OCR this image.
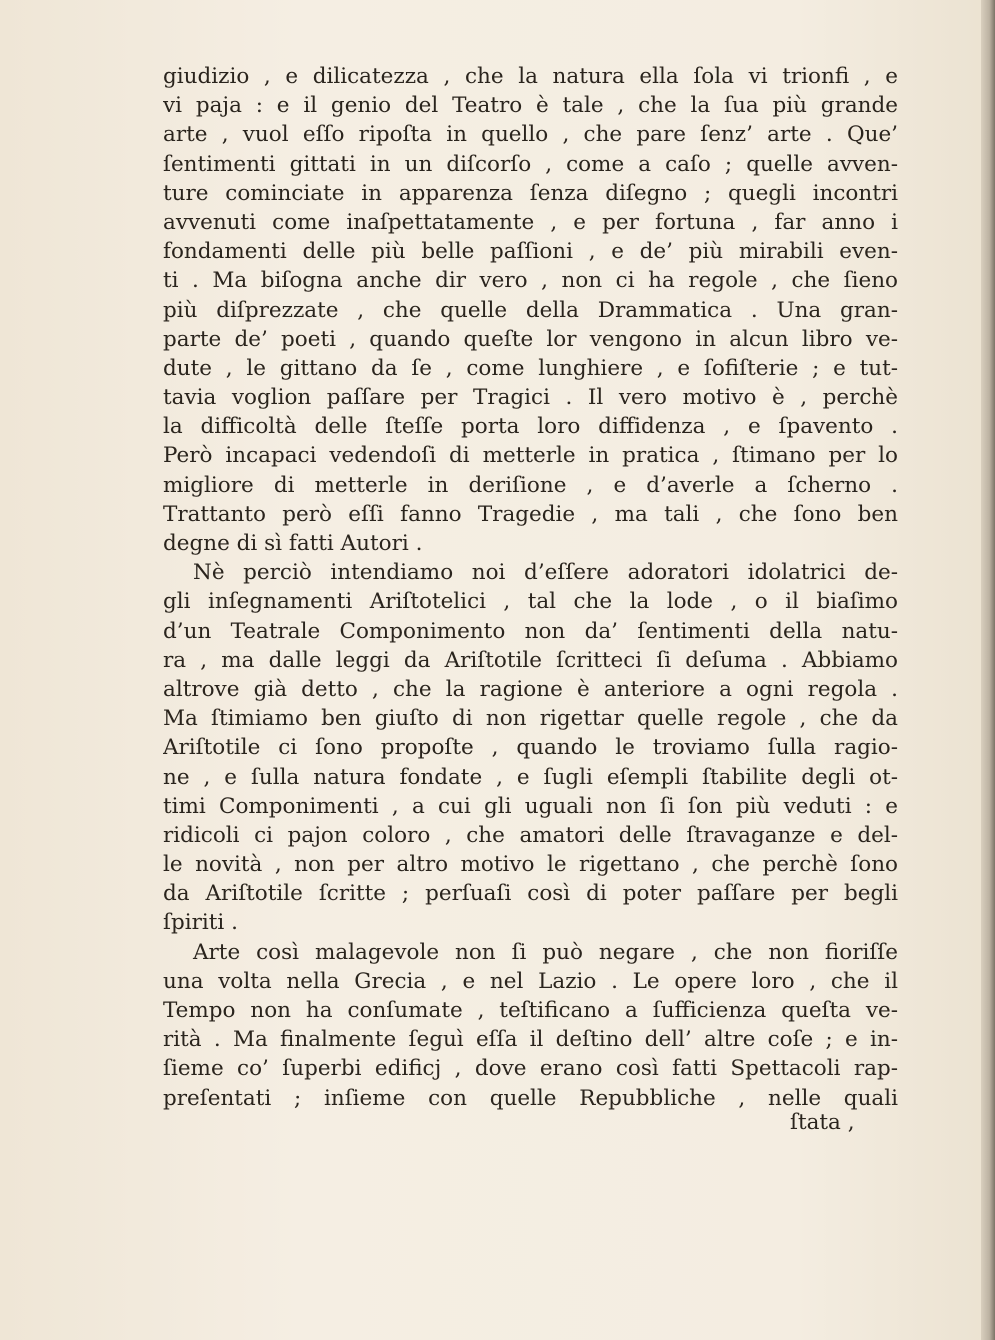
giudizio , e dilicatezza , che la natura ella ſola vi trionfi , e
vi paja : e il genio del Teatro è tale , che la ſua più grande
arte , vuol eſſo ripoſta in quello , che pare ſenz’ arte . Que’
ſentimenti gittati in un diſcorſo , come a caſo ; quelle avven-
ture cominciate in apparenza ſenza diſegno ; quegli incontri
avvenuti come inaſpettatamente , e per fortuna , far anno i
fondamenti delle più belle paſſioni , e de’ più mirabili even-
ti . Ma biſogna anche dir vero , non ci ha regole , che ſieno
più diſprezzate , che quelle della Drammatica . Una gran-
parte de’ poeti , quando queſte lor vengono in alcun libro ve-
dute , le gittano da ſe , come lunghiere , e ſofiſterie ; e tut-
tavia voglion paſſare per Tragici . Il vero motivo è , perchè
la difficoltà delle ſteſſe porta loro diffidenza , e ſpavento .
Però incapaci vedendoſi di metterle in pratica , ſtimano per lo
migliore di metterle in deriſione , e d’averle a ſcherno .
Trattanto però eſſi fanno Tragedie , ma tali , che ſono ben
degne di sì fatti Autori .
Nè perciò intendiamo noi d’eſſere adoratori idolatrici de-
gli inſegnamenti Ariſtotelici , tal che la lode , o il biaſimo
d’un Teatrale Componimento non da’ ſentimenti della natu-
ra , ma dalle leggi da Ariſtotile ſcritteci ſi deſuma . Abbiamo
altrove già detto , che la ragione è anteriore a ogni regola .
Ma ſtimiamo ben giuſto di non rigettar quelle regole , che da
Ariſtotile ci ſono propoſte , quando le troviamo ſulla ragio-
ne , e ſulla natura fondate , e ſugli eſempli ſtabilite degli ot-
timi Componimenti , a cui gli uguali non ſi ſon più veduti : e
ridicoli ci pajon coloro , che amatori delle ſtravaganze e del-
le novità , non per altro motivo le rigettano , che perchè ſono
da Ariſtotile ſcritte ; perſuaſi così di poter paſſare per begli
ſpiriti .
Arte così malagevole non ſi può negare , che non fioriſſe
una volta nella Grecia , e nel Lazio . Le opere loro , che il
Tempo non ha conſumate , teſtificano a ſufficienza queſta ve-
rità . Ma finalmente ſeguì eſſa il deſtino dell’ altre coſe ; e in-
ſieme co’ ſuperbi edificj , dove erano così fatti Spettacoli rap-
preſentati ; inſieme con quelle Repubbliche , nelle quali
ſtata ,
